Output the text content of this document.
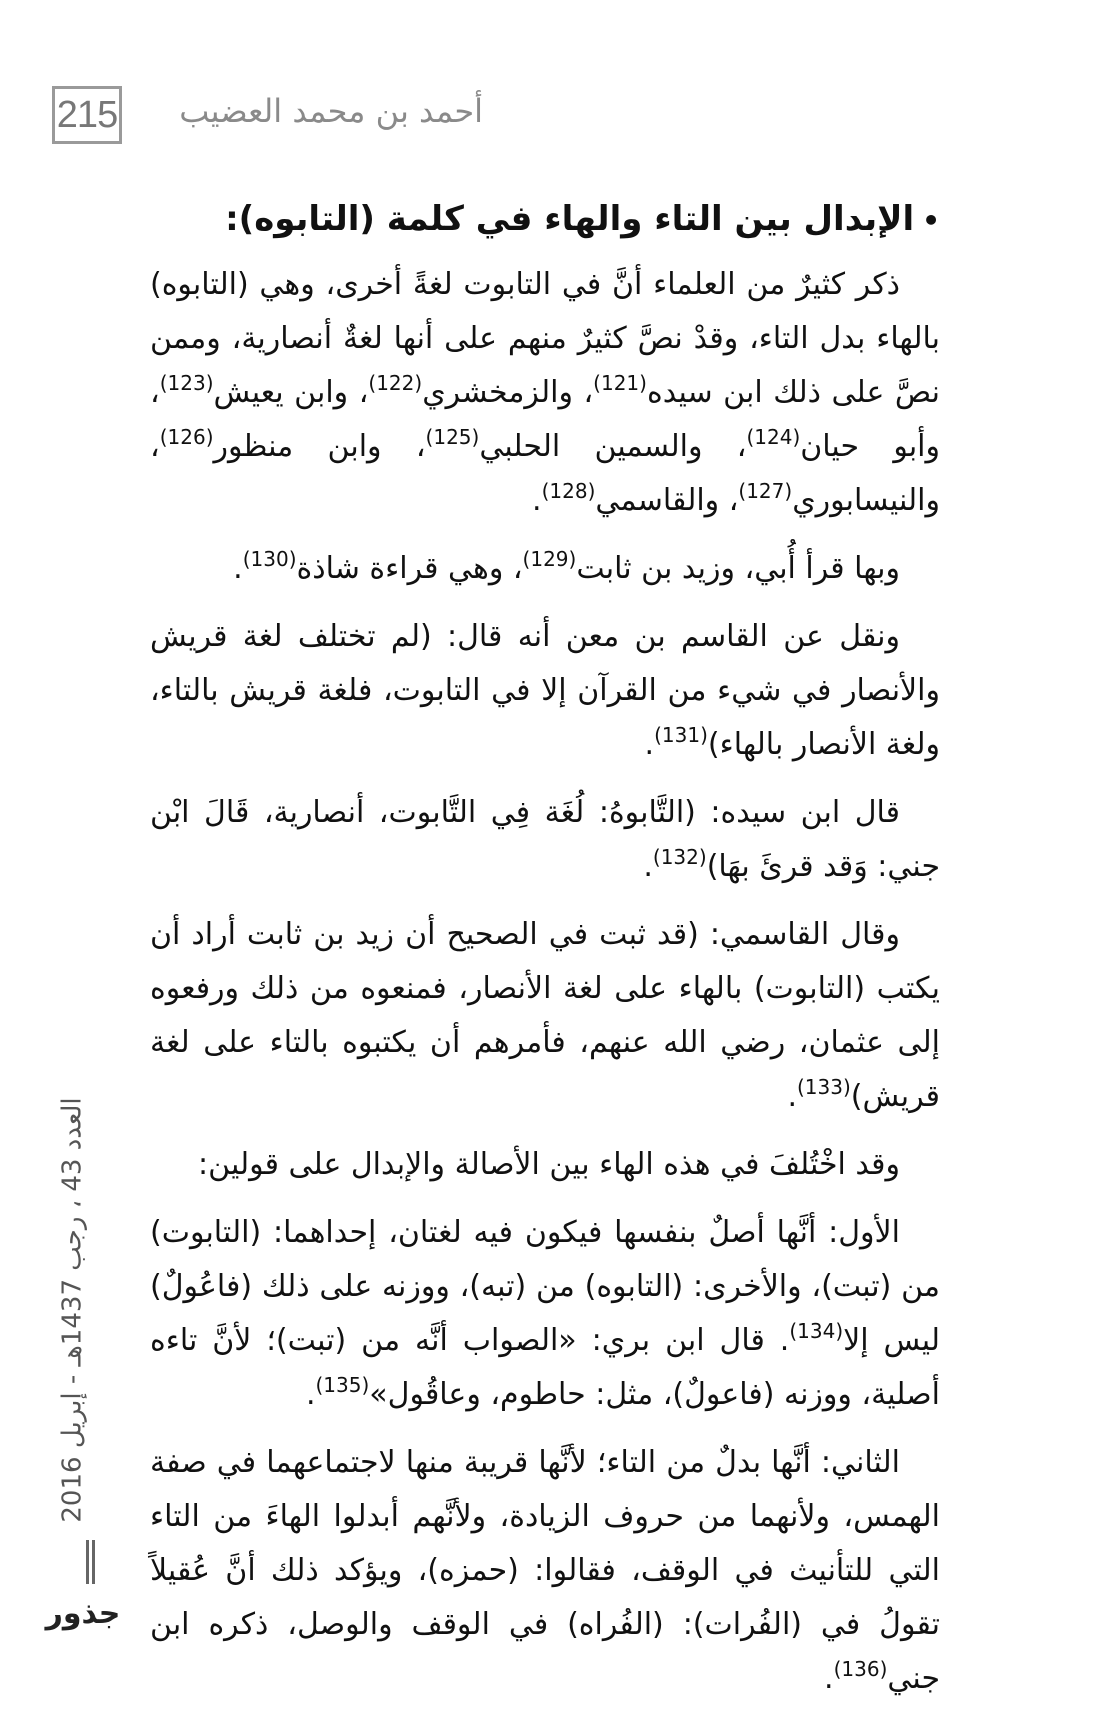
215 أحمد بن محمد العضيب
•الإبدال بين التاء والهاء في كلمة (التابوه):

ذكر كثيرٌ من العلماء أنَّ في التابوت لغةً أخرى، وهي (التابوه) بالهاء بدل التاء، وقدْ نصَّ كثيرٌ منهم على أنها لغةٌ أنصارية، وممن نصَّ على ذلك ابن سيده$^{(121)}$، والزمخشري$^{(122)}$، وابن يعيش$^{(123)}$، وأبو حيان$^{(124)}$، والسمين الحلبي$^{(125)}$، وابن منظور$^{(126)}$، والنيسابوري$^{(127)}$، والقاسمي$^{(128)}$.

وبها قرأ أُبي، وزيد بن ثابت$^{(129)}$، وهي قراءة شاذة$^{(130)}$.

ونقل عن القاسم بن معن أنه قال: (لم تختلف لغة قريش والأنصار في شيء من القرآن إلا في التابوت، فلغة قريش بالتاء، ولغة الأنصار بالهاء)$^{(131)}$.

قال ابن سيده: (التَّابوهُ: لُغَة فِي التَّابوت، أنصارية، قَالَ ابْن جني: وَقد قرئَ بهَا)$^{(132)}$.

وقال القاسمي: (قد ثبت في الصحيح أن زيد بن ثابت أراد أن يكتب (التابوت) بالهاء على لغة الأنصار، فمنعوه من ذلك ورفعوه إلى عثمان، رضي الله عنهم، فأمرهم أن يكتبوه بالتاء على لغة قريش)$^{(133)}$.

وقد اخْتُلفَ في هذه الهاء بين الأصالة والإبدال على قولين:

الأول: أنَّها أصلٌ بنفسها فيكون فيه لغتان، إحداهما: (التابوت) من (تبت)، والأخرى: (التابوه) من (تبه)، ووزنه على ذلك (فاعُولٌ) ليس إلا$^{(134)}$. قال ابن بري: «الصواب أنَّه من (تبت)؛ لأنَّ تاءه أصلية، ووزنه (فاعولٌ)، مثل: حاطوم، وعاقُول»$^{(135)}$.

الثاني: أنَّها بدلٌ من التاء؛ لأنَّها قريبة منها لاجتماعهما في صفة الهمس، ولأنهما من حروف الزيادة، ولأنَّهم أبدلوا الهاءَ من التاء التي للتأنيث في الوقف، فقالوا: (حمزه)، ويؤكد ذلك أنَّ عُقيلاً تقولُ في (الفُرات): (الفُراه) في الوقف والوصل، ذكره ابن جني$^{(136)}$.

العدد 43 ، رجب 1437هـ - إبريل 2016
جذور
